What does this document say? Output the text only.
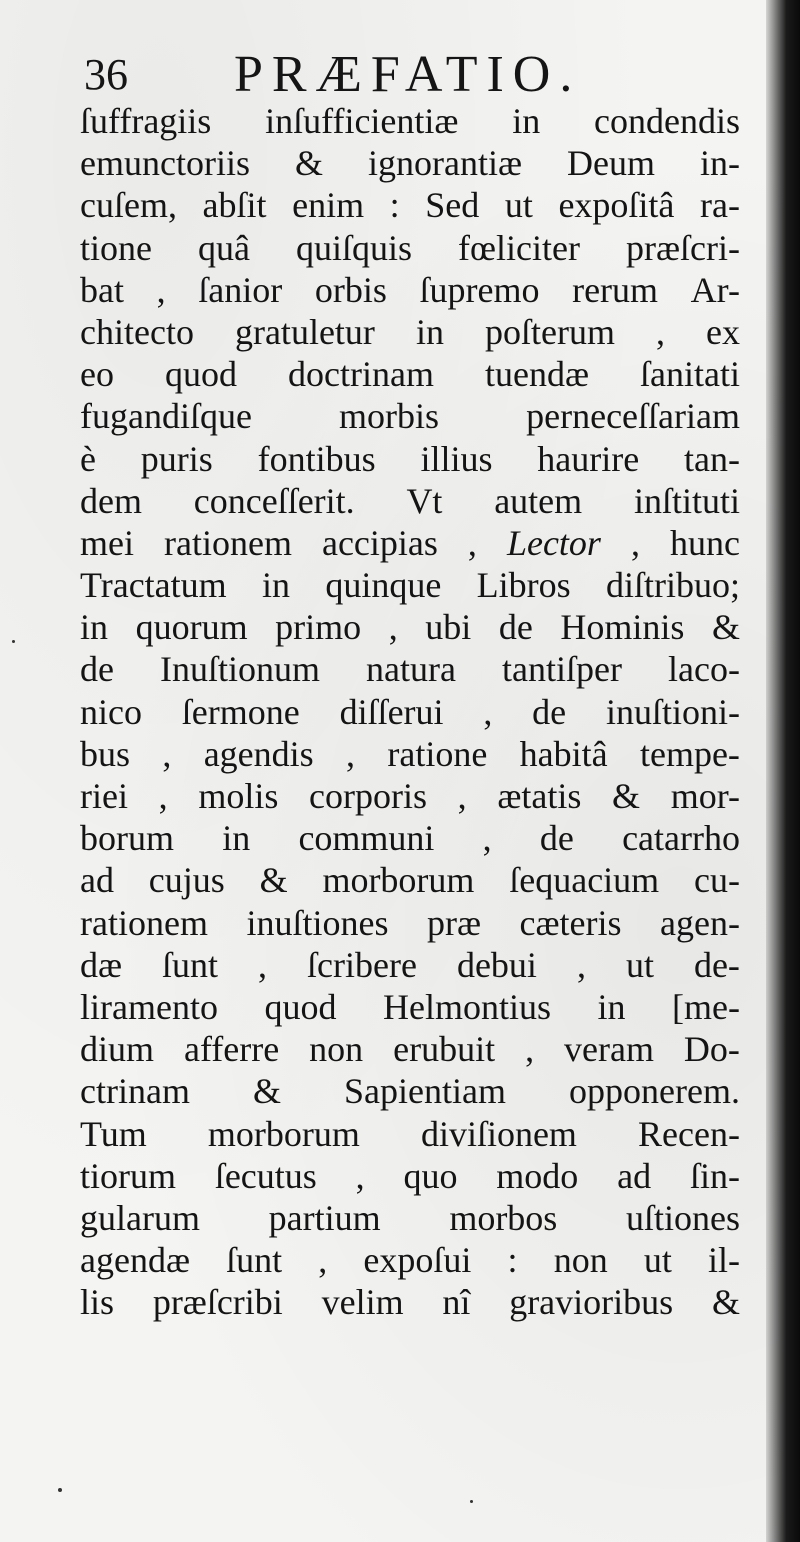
36 PRÆFATIO.
ſuffragiis inſufficientiæ in condendis
emunctoriis & ignorantiæ Deum in-
cuſem, abſit enim : Sed ut expoſitâ ra-
tione quâ quiſquis fœliciter præſcri-
bat , ſanior orbis ſupremo rerum Ar-
chitecto gratuletur in poſterum , ex
eo quod doctrinam tuendæ ſanitati
fugandiſque morbis perneceſſariam
è puris fontibus illius haurire tan-
dem conceſſerit. Vt autem inſtituti
mei rationem accipias , Lector , hunc
Tractatum in quinque Libros diſtribuo;
in quorum primo , ubi de Hominis &
de Inuſtionum natura tantiſper laco-
nico ſermone diſſerui , de inuſtioni-
bus , agendis , ratione habitâ tempe-
riei , molis corporis , ætatis & mor-
borum in communi , de catarrho
ad cujus & morborum ſequacium cu-
rationem inuſtiones præ cæteris agen-
dæ ſunt , ſcribere debui , ut de-
liramento quod Helmontius in [me-
dium afferre non erubuit , veram Do-
ctrinam & Sapientiam opponerem.
Tum morborum diviſionem Recen-
tiorum ſecutus , quo modo ad ſin-
gularum partium morbos uſtiones
agendæ ſunt , expoſui : non ut il-
lis præſcribi velim nî gravioribus &
